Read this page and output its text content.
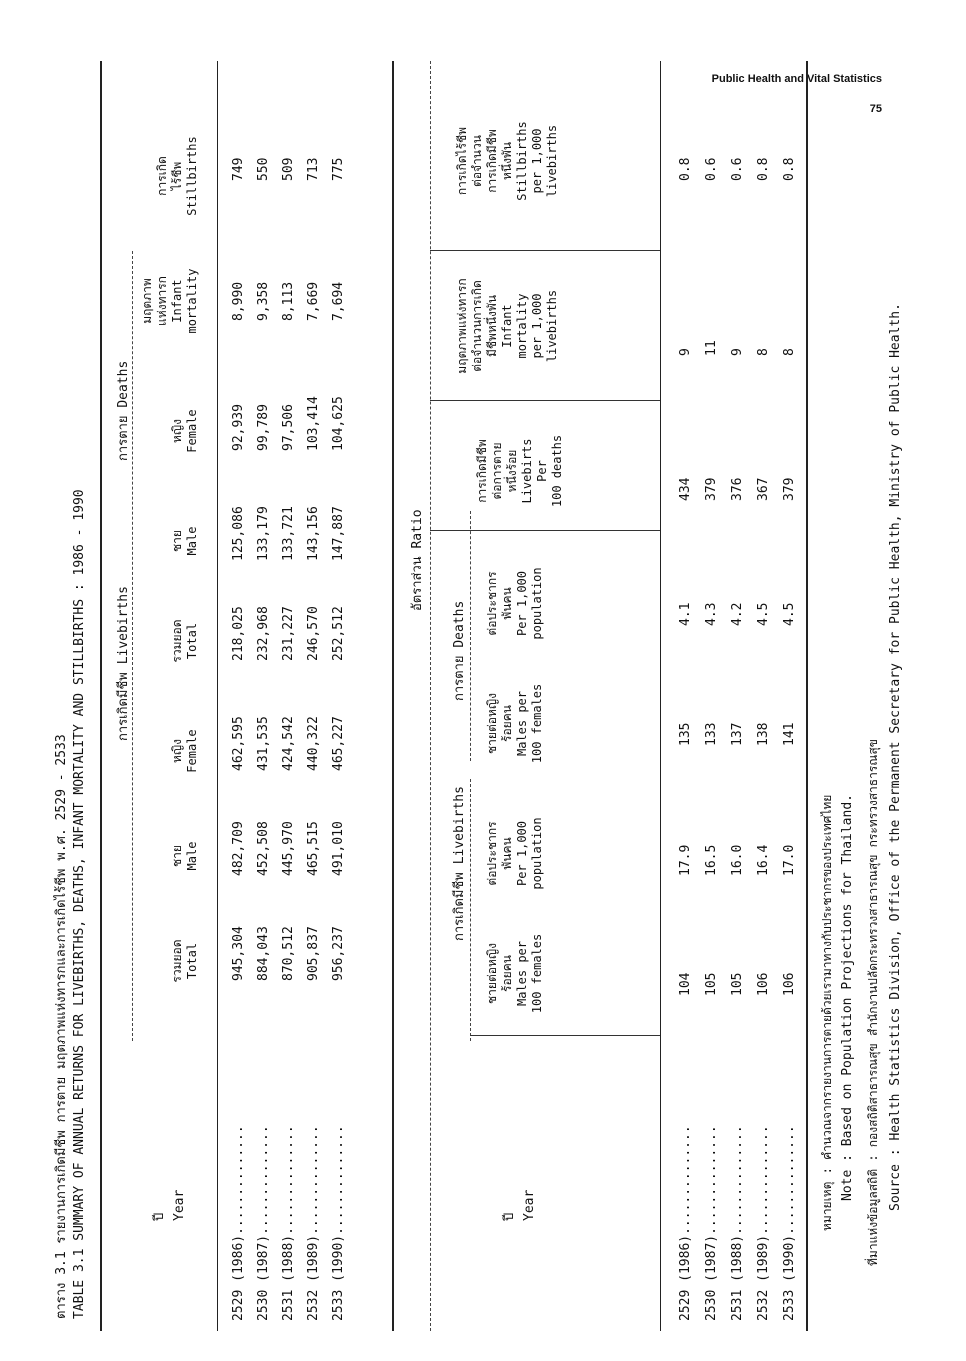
Public Health and Vital Statistics
75
ตาราง 3.1 รายงานการเกิดมีชีพ การตาย มฤตภาพแห่งทารกและการเกิดไร้ชีพ พ.ศ. 2529 - 2533 TABLE 3.1 SUMMARY OF ANNUAL RETURNS FOR LIVEBIRTHS, DEATHS, INFANT MORTALITY AND STILLBIRTHS : 1986 - 1990	ปี Year
การเกิดมีชีพ Livebirths
การตาย Deaths
รวมยอด Total
ชาย Male
หญิง Female
รวมยอด Total
ชาย Male
หญิง Female
มฤตภาพ แห่งทารก Infant mortality
การเกิด ไร้ชีพ Stillbirths
2529 (1986)..............
945,304
482,709
462,595
218,025
125,086
92,939
8,990
749
2530 (1987)..............
884,043
452,508
431,535
232,968
133,179
99,789
9,358
550
2531 (1988)..............
870,512
445,970
424,542
231,227
133,721
97,506
8,113
509
2532 (1989)..............
905,837
465,515
440,322
246,570
143,156
103,414
7,669
713
2533 (1990)..............
956,237
491,010
465,227
252,512
147,887
104,625
7,694
775
อัตราส่วน Ratio
ปี Year
การเกิดมีชีพ Livebirths
การตาย Deaths
ชายต่อหญิง ร้อยคน Males per 100 females
ต่อประชากร พันคน Per 1,000 population
ชายต่อหญิง ร้อยคน Males per 100 females
ต่อประชากร พันคน Per 1,000 population
การเกิดมีชีพ ต่อการตาย หนึ่งร้อย Livebirts Per 100 deaths
มฤตภาพแห่งทารก ต่อจำนวนการเกิด มีชีพหนึ่งพัน Infant mortality per 1,000 livebirths
การเกิดไร้ชีพ ต่อจำนวน การเกิดมีชีพ หนึ่งพัน Stillbirths per 1,000 livebirths
2529 (1986)..............
104
17.9
135
4.1
434
9
0.8
2530 (1987)..............
105
16.5
133
4.3
379
11
0.6
2531 (1988)..............
105
16.0
137
4.2
376
9
0.6
2532 (1989)..............
106
16.4
138
4.5
367
8
0.8
2533 (1990)..............
106
17.0
141
4.5
379
8
0.8
หมายเหตุ : คำนวณจากรายงานการตายด้วยเรามาทางกับประชากรของประเทศไทย Note : Based on Population Projections for Thailand. ที่มาแห่งข้อมูลสถิติ : กองสถิติสาธารณสุข สำนักงานปลัดกระทรวงสาธารณสุข กระทรวงสาธารณสุข Source : Health Statistics Division, Office of the Permanent Secretary for Public Health, Ministry of Public Health.
